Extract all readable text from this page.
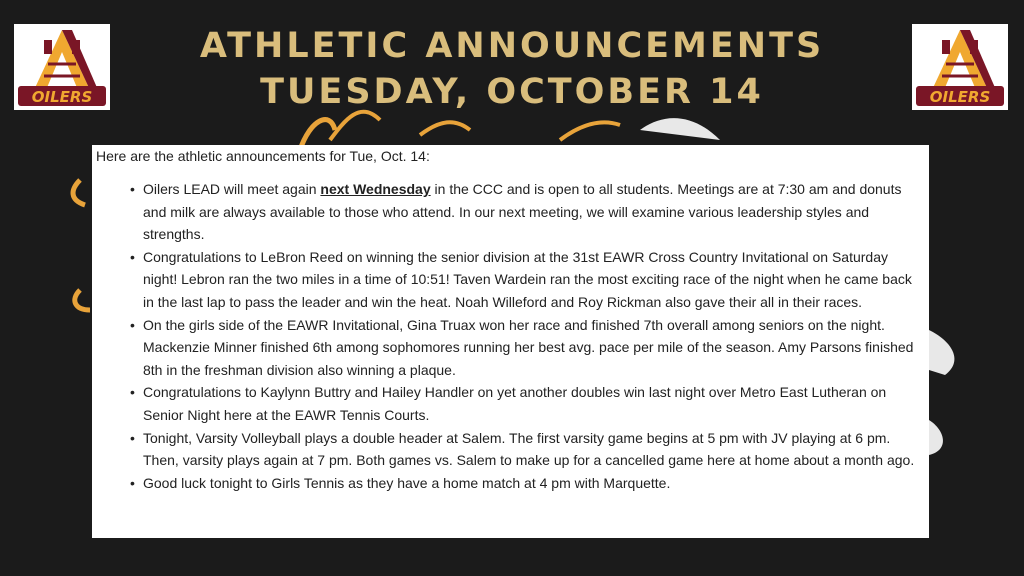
OILERS	OILERS
ATHLETIC ANNOUNCEMENTS
TUESDAY, OCTOBER 14
Here are the athletic announcements for Tue, Oct. 14:
• Oilers LEAD will meet again next Wednesday in the CCC and is open to all students. Meetings are at 7:30 am and donuts and milk are always available to those who attend. In our next meeting, we will examine various leadership styles and strengths.
• Congratulations to LeBron Reed on winning the senior division at the 31st EAWR Cross Country Invitational on Saturday night! Lebron ran the two miles in a time of 10:51! Taven Wardein ran the most exciting race of the night when he came back in the last lap to pass the leader and win the heat. Noah Willeford and Roy Rickman also gave their all in their races.
• On the girls side of the EAWR Invitational, Gina Truax won her race and finished 7th overall among seniors on the night. Mackenzie Minner finished 6th among sophomores running her best avg. pace per mile of the season. Amy Parsons finished 8th in the freshman division also winning a plaque.
• Congratulations to Kaylynn Buttry and Hailey Handler on yet another doubles win last night over Metro East Lutheran on Senior Night here at the EAWR Tennis Courts.
• Tonight, Varsity Volleyball plays a double header at Salem. The first varsity game begins at 5 pm with JV playing at 6 pm. Then, varsity plays again at 7 pm. Both games vs. Salem to make up for a cancelled game here at home about a month ago.
• Good luck tonight to Girls Tennis as they have a home match at 4 pm with Marquette.
